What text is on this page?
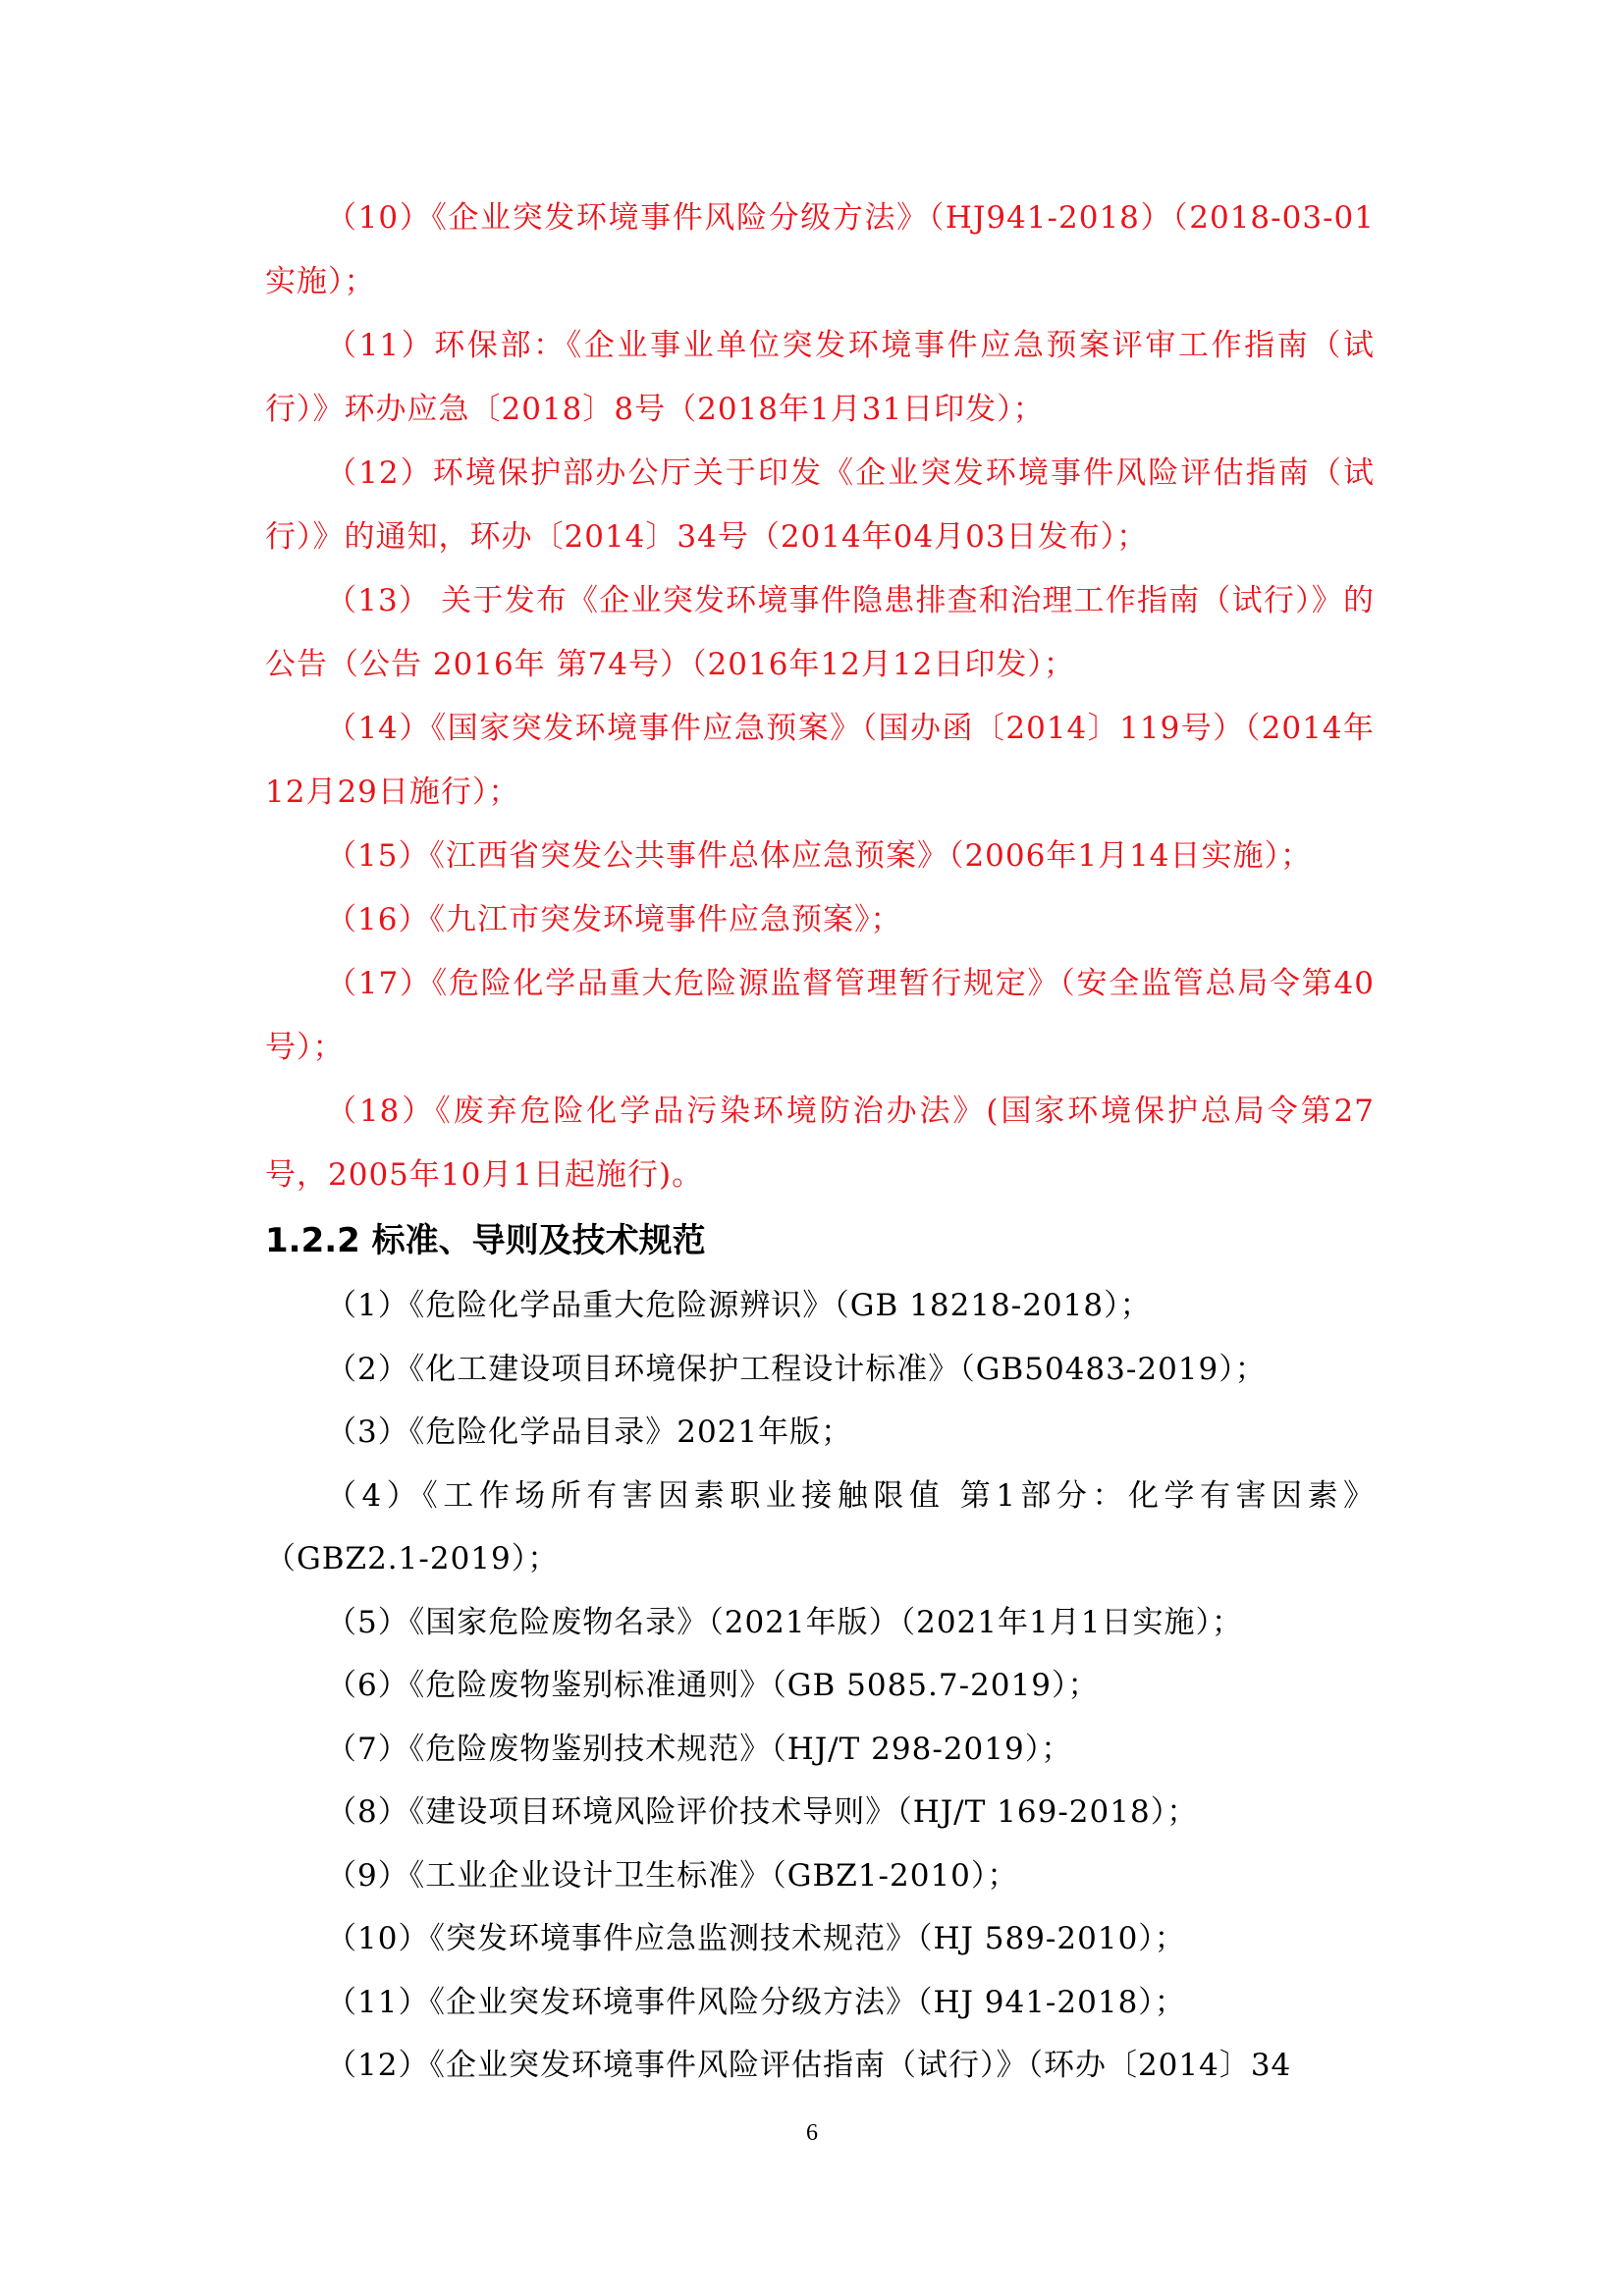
（10）《企业突发环境事件风险分级方法》（HJ941-2018）（2018-03-01实施）；

（11）环保部：《企业事业单位突发环境事件应急预案评审工作指南（试行）》环办应急〔2018〕8号（2018年1月31日印发）；

（12）环境保护部办公厅关于印发《企业突发环境事件风险评估指南（试行）》的通知，环办〔2014〕34号（2014年04月03日发布）；

（13） 关于发布《企业突发环境事件隐患排查和治理工作指南（试行）》的公告（公告 2016年 第74号）（2016年12月12日印发）；

（14）《国家突发环境事件应急预案》（国办函〔2014〕119号）（2014年12月29日施行）；

（15）《江西省突发公共事件总体应急预案》（2006年1月14日实施）；

（16）《九江市突发环境事件应急预案》；

（17）《危险化学品重大危险源监督管理暂行规定》（安全监管总局令第40号）；

（18）《废弃危险化学品污染环境防治办法》(国家环境保护总局令第27号，2005年10月1日起施行)。

1.2.2 标准、导则及技术规范

（1）《危险化学品重大危险源辨识》（GB 18218-2018）；

（2）《化工建设项目环境保护工程设计标准》（GB50483-2019）；

（3）《危险化学品目录》2021年版；

（4）《工作场所有害因素职业接触限值 第1部分：化学有害因素》（GBZ2.1-2019）；

（5）《国家危险废物名录》（2021年版）（2021年1月1日实施）；

（6）《危险废物鉴别标准通则》（GB 5085.7-2019）；

（7）《危险废物鉴别技术规范》（HJ/T 298-2019）；

（8）《建设项目环境风险评价技术导则》（HJ/T 169-2018）；

（9）《工业企业设计卫生标准》（GBZ1-2010）；

（10）《突发环境事件应急监测技术规范》（HJ 589-2010）；

（11）《企业突发环境事件风险分级方法》（HJ 941-2018）；

（12）《企业突发环境事件风险评估指南（试行）》（环办〔2014〕34

6
